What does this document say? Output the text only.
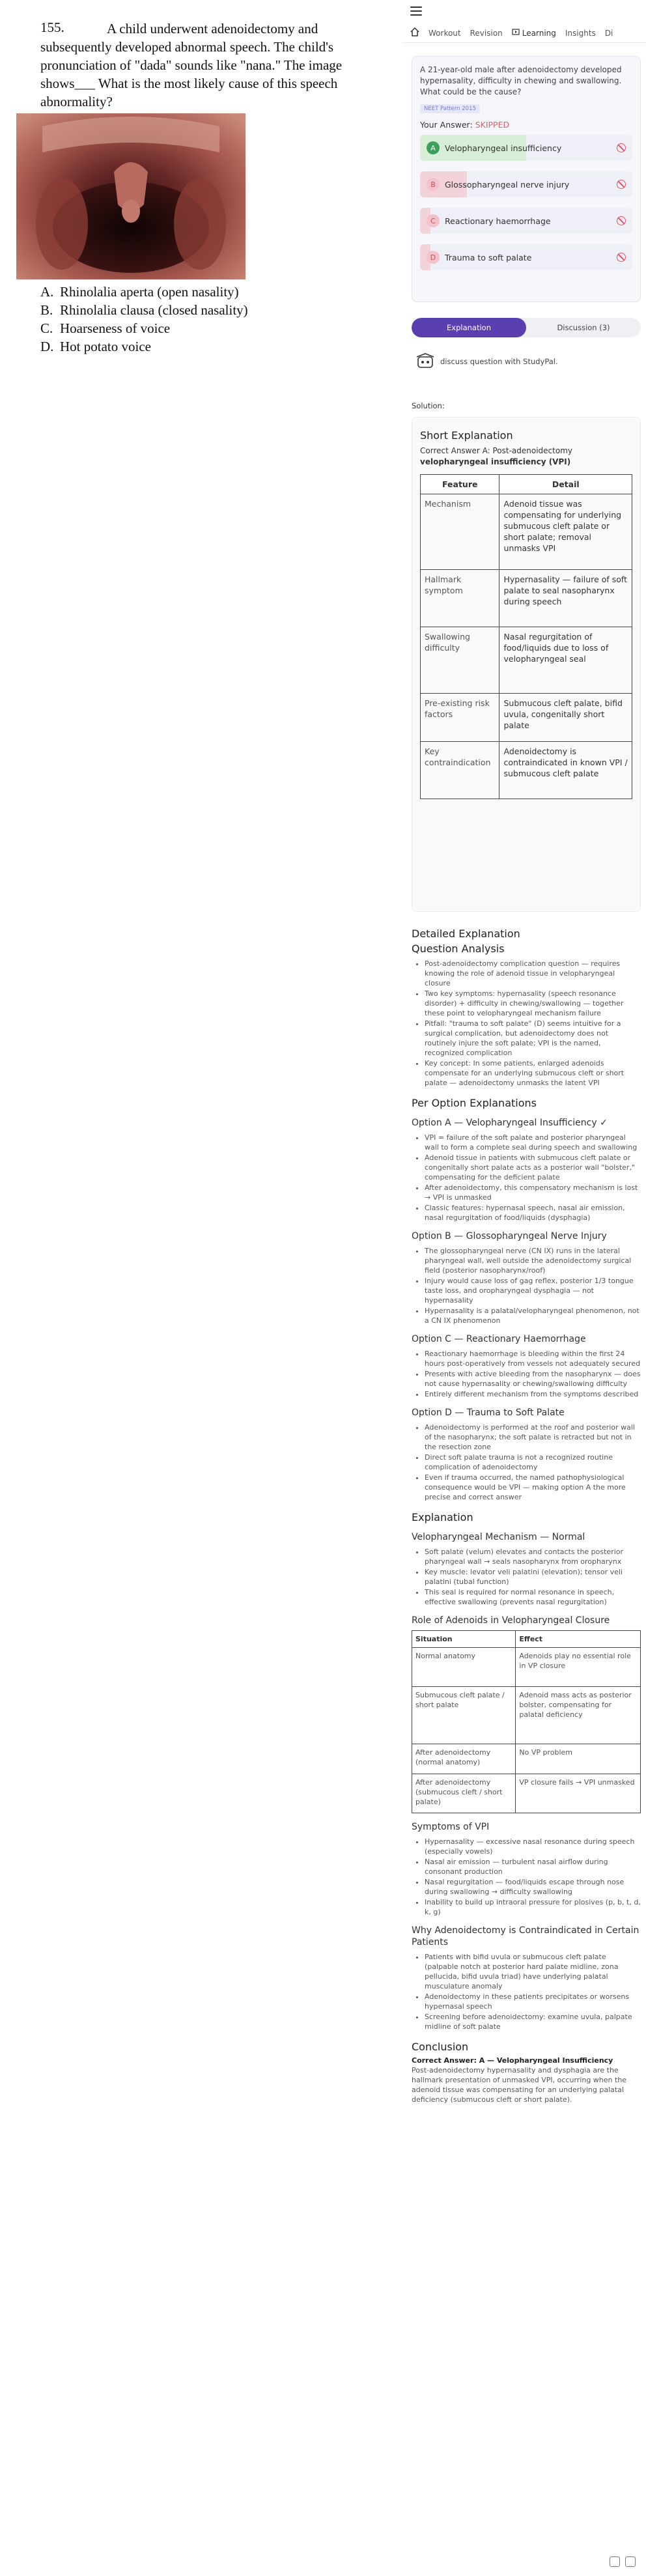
155.	A child underwent adenoidectomy and subsequently developed abnormal speech. The child's pronunciation of "dada" sounds like "nana." The image shows___ What is the most likely cause of this speech abnormality?
A. Rhinolalia aperta (open nasality)
B. Rhinolalia clausa (closed nasality)
C. Hoarseness of voice
D. Hot potato voice
Workout Revision	Learning Insights Di
A 21-year-old male after adenoidectomy developed hypernasality, difficulty in chewing and swallowing. What could be the cause?
NEET Pattern 2015
Your Answer: SKIPPED
A	Velopharyngeal insufficiency
B	Glossopharyngeal nerve injury
C	Reactionary haemorrhage
D	Trauma to soft palate
Explanation	Discussion (3)
discuss question with StudyPal.
Solution:
Short Explanation
Correct Answer A: Post-adenoidectomy velopharyngeal insufficiency (VPI)
Feature	Detail
Mechanism	Adenoid tissue was compensating for underlying submucous cleft palate or short palate; removal unmasks VPI
Hallmark symptom	Hypernasality — failure of soft palate to seal nasopharynx during speech
Swallowing difficulty	Nasal regurgitation of food/liquids due to loss of velopharyngeal seal
Pre-existing risk factors	Submucous cleft palate, bifid uvula, congenitally short palate
Key contraindication	Adenoidectomy is contraindicated in known VPI / submucous cleft palate
Detailed Explanation
Question Analysis
• Post-adenoidectomy complication question — requires knowing the role of adenoid tissue in velopharyngeal closure
• Two key symptoms: hypernasality (speech resonance disorder) + difficulty in chewing/swallowing — together these point to velopharyngeal mechanism failure
• Pitfall: "trauma to soft palate" (D) seems intuitive for a surgical complication, but adenoidectomy does not routinely injure the soft palate; VPI is the named, recognized complication
• Key concept: In some patients, enlarged adenoids compensate for an underlying submucous cleft or short palate — adenoidectomy unmasks the latent VPI
Per Option Explanations
Option A — Velopharyngeal Insufficiency ✓
• VPI = failure of the soft palate and posterior pharyngeal wall to form a complete seal during speech and swallowing
• Adenoid tissue in patients with submucous cleft palate or congenitally short palate acts as a posterior wall "bolster," compensating for the deficient palate
• After adenoidectomy, this compensatory mechanism is lost → VPI is unmasked
• Classic features: hypernasal speech, nasal air emission, nasal regurgitation of food/liquids (dysphagia)
Option B — Glossopharyngeal Nerve Injury
• The glossopharyngeal nerve (CN IX) runs in the lateral pharyngeal wall, well outside the adenoidectomy surgical field (posterior nasopharynx/roof)
• Injury would cause loss of gag reflex, posterior 1/3 tongue taste loss, and oropharyngeal dysphagia — not hypernasality
• Hypernasality is a palatal/velopharyngeal phenomenon, not a CN IX phenomenon
Option C — Reactionary Haemorrhage
• Reactionary haemorrhage is bleeding within the first 24 hours post-operatively from vessels not adequately secured
• Presents with active bleeding from the nasopharynx — does not cause hypernasality or chewing/swallowing difficulty
• Entirely different mechanism from the symptoms described
Option D — Trauma to Soft Palate
• Adenoidectomy is performed at the roof and posterior wall of the nasopharynx; the soft palate is retracted but not in the resection zone
• Direct soft palate trauma is not a recognized routine complication of adenoidectomy
• Even if trauma occurred, the named pathophysiological consequence would be VPI — making option A the more precise and correct answer
Explanation
Velopharyngeal Mechanism — Normal
• Soft palate (velum) elevates and contacts the posterior pharyngeal wall → seals nasopharynx from oropharynx
• Key muscle: levator veli palatini (elevation); tensor veli palatini (tubal function)
• This seal is required for normal resonance in speech, effective swallowing (prevents nasal regurgitation)
Role of Adenoids in Velopharyngeal Closure
Situation	Effect
Normal anatomy	Adenoids play no essential role in VP closure
Submucous cleft palate / short palate	Adenoid mass acts as posterior bolster, compensating for palatal deficiency
After adenoidectomy (normal anatomy)	No VP problem
After adenoidectomy (submucous cleft / short palate)	VP closure fails → VPI unmasked
Symptoms of VPI
• Hypernasality — excessive nasal resonance during speech (especially vowels)
• Nasal air emission — turbulent nasal airflow during consonant production
• Nasal regurgitation — food/liquids escape through nose during swallowing → difficulty swallowing
• Inability to build up intraoral pressure for plosives (p, b, t, d, k, g)
Why Adenoidectomy is Contraindicated in Certain Patients
• Patients with bifid uvula or submucous cleft palate (palpable notch at posterior hard palate midline, zona pellucida, bifid uvula triad) have underlying palatal musculature anomaly
• Adenoidectomy in these patients precipitates or worsens hypernasal speech
• Screening before adenoidectomy: examine uvula, palpate midline of soft palate
Conclusion

Correct Answer: A — Velopharyngeal Insufficiency

Post-adenoidectomy hypernasality and dysphagia are the hallmark presentation of unmasked VPI, occurring when the adenoid tissue was compensating for an underlying palatal deficiency (submucous cleft or short palate).
